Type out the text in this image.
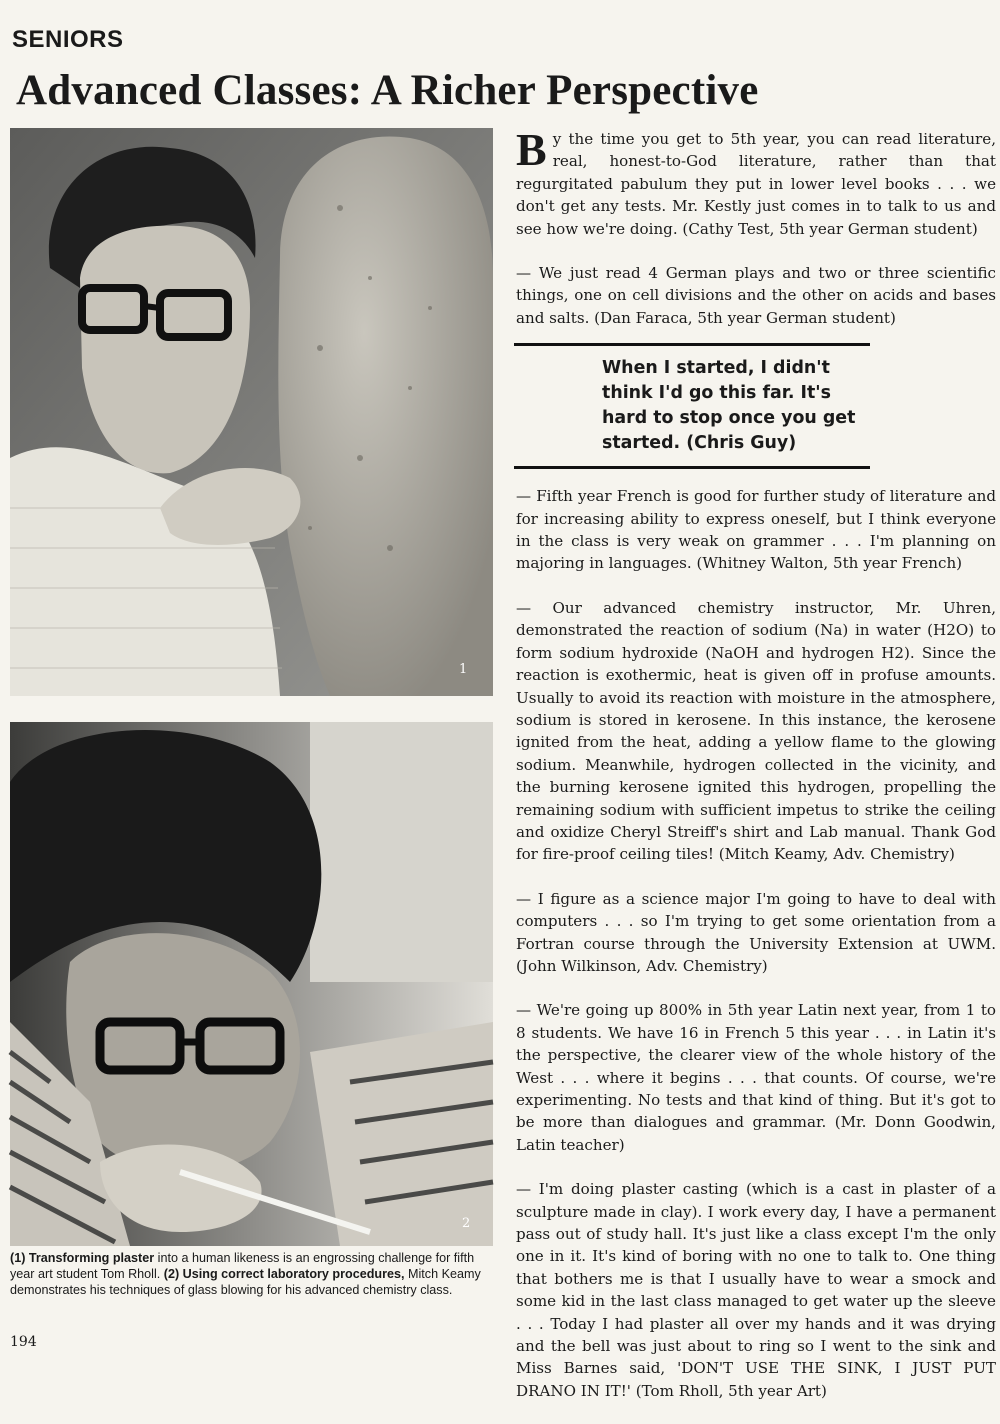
SENIORS
Advanced Classes: A Richer Perspective
1
2
(1) Transforming plaster into a human likeness is an engrossing challenge for fifth year art student Tom Rholl. (2) Using correct laboratory procedures, Mitch Keamy demonstrates his techniques of glass blowing for his advanced chemistry class.
194

By the time you get to 5th year, you can read literature, real, honest-to-God literature, rather than that regurgitated pabulum they put in lower level books . . . we don't get any tests. Mr. Kestly just comes in to talk to us and see how we're doing. (Cathy Test, 5th year German student)

— We just read 4 German plays and two or three scientific things, one on cell divisions and the other on acids and bases and salts. (Dan Faraca, 5th year German student)

When I started, I didn't think I'd go this far. It's hard to stop once you get started. (Chris Guy)

— Fifth year French is good for further study of literature and for increasing ability to express oneself, but I think everyone in the class is very weak on grammer . . . I'm planning on majoring in languages. (Whitney Walton, 5th year French)

— Our advanced chemistry instructor, Mr. Uhren, demonstrated the reaction of sodium (Na) in water (H2O) to form sodium hydroxide (NaOH and hydrogen H2). Since the reaction is exothermic, heat is given off in profuse amounts. Usually to avoid its reaction with moisture in the atmosphere, sodium is stored in kerosene. In this instance, the kerosene ignited from the heat, adding a yellow flame to the glowing sodium. Meanwhile, hydrogen collected in the vicinity, and the burning kerosene ignited this hydrogen, propelling the remaining sodium with sufficient impetus to strike the ceiling and oxidize Cheryl Streiff's shirt and Lab manual. Thank God for fire-proof ceiling tiles! (Mitch Keamy, Adv. Chemistry)

— I figure as a science major I'm going to have to deal with computers . . . so I'm trying to get some orientation from a Fortran course through the University Extension at UWM. (John Wilkinson, Adv. Chemistry)

— We're going up 800% in 5th year Latin next year, from 1 to 8 students. We have 16 in French 5 this year . . . in Latin it's the perspective, the clearer view of the whole history of the West . . . where it begins . . . that counts. Of course, we're experimenting. No tests and that kind of thing. But it's got to be more than dialogues and grammar. (Mr. Donn Goodwin, Latin teacher)

— I'm doing plaster casting (which is a cast in plaster of a sculpture made in clay). I work every day, I have a permanent pass out of study hall. It's just like a class except I'm the only one in it. It's kind of boring with no one to talk to. One thing that bothers me is that I usually have to wear a smock and some kid in the last class managed to get water up the sleeve . . . Today I had plaster all over my hands and it was drying and the bell was just about to ring so I went to the sink and Miss Barnes said, 'DON'T USE THE SINK, I JUST PUT DRANO IN IT!' (Tom Rholl, 5th year Art)
